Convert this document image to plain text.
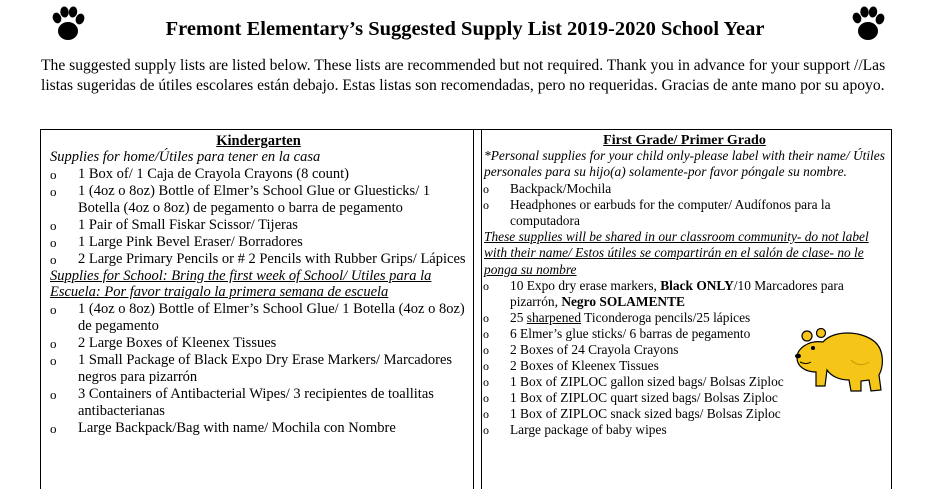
Fremont Elementary’s Suggested Supply List 2019-2020 School Year
The suggested supply lists are listed below. These lists are recommended but not required. Thank you in advance for your support //Las listas sugeridas de útiles escolares están debajo. Estas listas son recomendadas, pero no requeridas. Gracias de ante mano por su apoyo.
Kindergarten
Supplies for home/Útiles para tener en la casa
o 1 Box of/ 1 Caja de Crayola Crayons (8 count)
o 1 (4oz o 8oz) Bottle of Elmer’s School Glue or Gluesticks/ 1 Botella (4oz o 8oz) de pegamento o barra de pegamento
o 1 Pair of Small Fiskar Scissor/ Tijeras
o 1 Large Pink Bevel Eraser/ Borradores
o 2 Large Primary Pencils or # 2 Pencils with Rubber Grips/ Lápices
Supplies for School: Bring the first week of School/ Utiles para la Escuela: Por favor traigalo la primera semana de escuela
o 1 (4oz o 8oz) Bottle of Elmer’s School Glue/ 1 Botella (4oz o 8oz) de pegamento
o 2 Large Boxes of Kleenex Tissues
o 1 Small Package of Black Expo Dry Erase Markers/ Marcadores negros para pizarrón
o 3 Containers of Antibacterial Wipes/ 3 recipientes de toallitas antibacterianas
o Large Backpack/Bag with name/ Mochila con Nombre
First Grade/ Primer Grado
*Personal supplies for your child only-please label with their name/ Útiles personales para su hijo(a) solamente-por favor póngale su nombre.
o Backpack/Mochila
o Headphones or earbuds for the computer/ Audífonos para la computadora
These supplies will be shared in our classroom community- do not label with their name/ Estos útiles se compartirán en el salón de clase- no le ponga su nombre
o 10 Expo dry erase markers, Black ONLY/10 Marcadores para pizarrón, Negro SOLAMENTE
o 25 sharpened Ticonderoga pencils/25 lápices
o 6 Elmer’s glue sticks/ 6 barras de pegamento
o 2 Boxes of 24 Crayola Crayons
o 2 Boxes of Kleenex Tissues
o 1 Box of ZIPLOC gallon sized bags/ Bolsas Ziploc
o 1 Box of ZIPLOC quart sized bags/ Bolsas Ziploc
o 1 Box of ZIPLOC snack sized bags/ Bolsas Ziploc
o Large package of baby wipes
